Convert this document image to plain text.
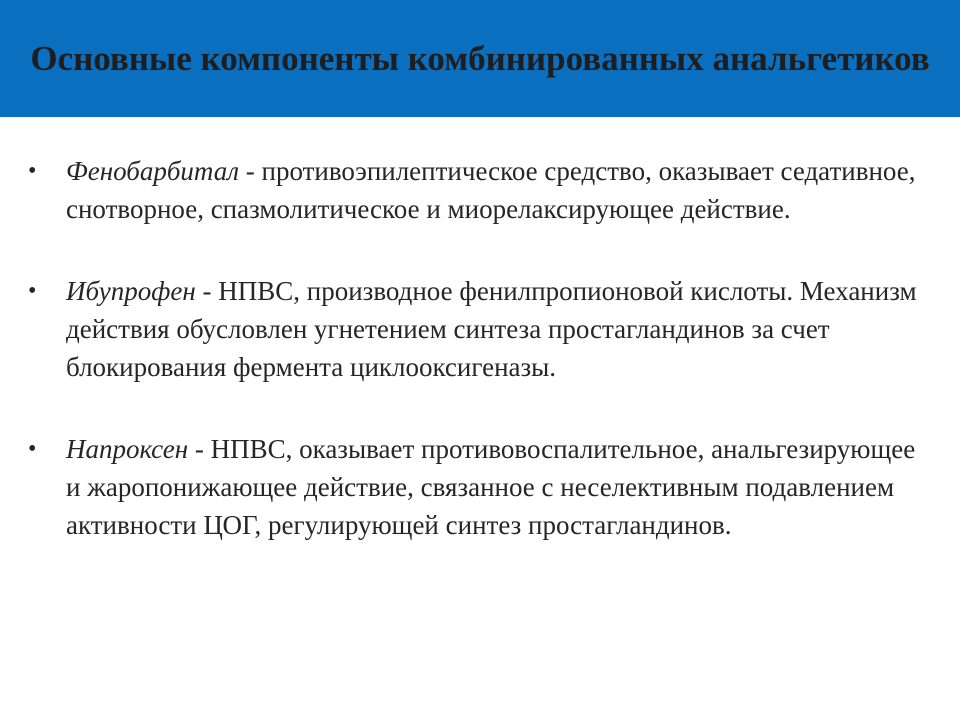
Основные компоненты комбинированных анальгетиков
• Фенобарбитал - противоэпилептическое средство, оказывает седативное, снотворное, спазмолитическое и миорелаксирующее действие.
• Ибупрофен - НПВС, производное фенилпропионовой кислоты. Механизм действия обусловлен угнетением синтеза простагландинов за счет блокирования фермента циклооксигеназы.
• Напроксен - НПВС, оказывает противовоспалительное, анальгезирующее и жаропонижающее действие, связанное с неселективным подавлением активности ЦОГ, регулирующей синтез простагландинов.
